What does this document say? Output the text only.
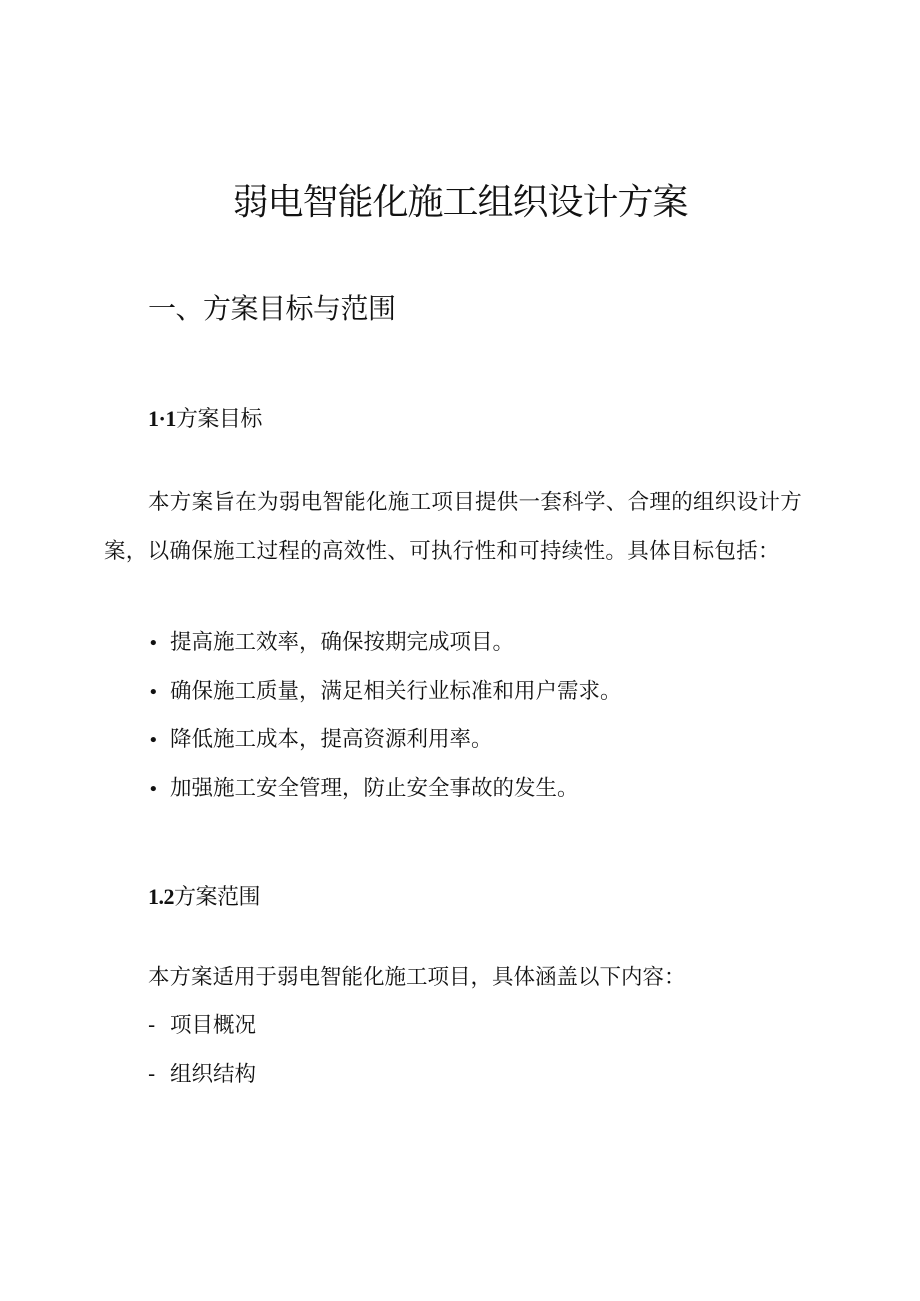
弱电智能化施工组织设计方案
一、方案目标与范围
1·1方案目标

本方案旨在为弱电智能化施工项目提供一套科学、合理的组织设计方案，以确保施工过程的高效性、可执行性和可持续性。具体目标包括：

• 提高施工效率，确保按期完成项目。
• 确保施工质量，满足相关行业标准和用户需求。
• 降低施工成本，提高资源利用率。
• 加强施工安全管理，防止安全事故的发生。
1.2方案范围

本方案适用于弱电智能化施工项目，具体涵盖以下内容：

- 项目概况
- 组织结构
